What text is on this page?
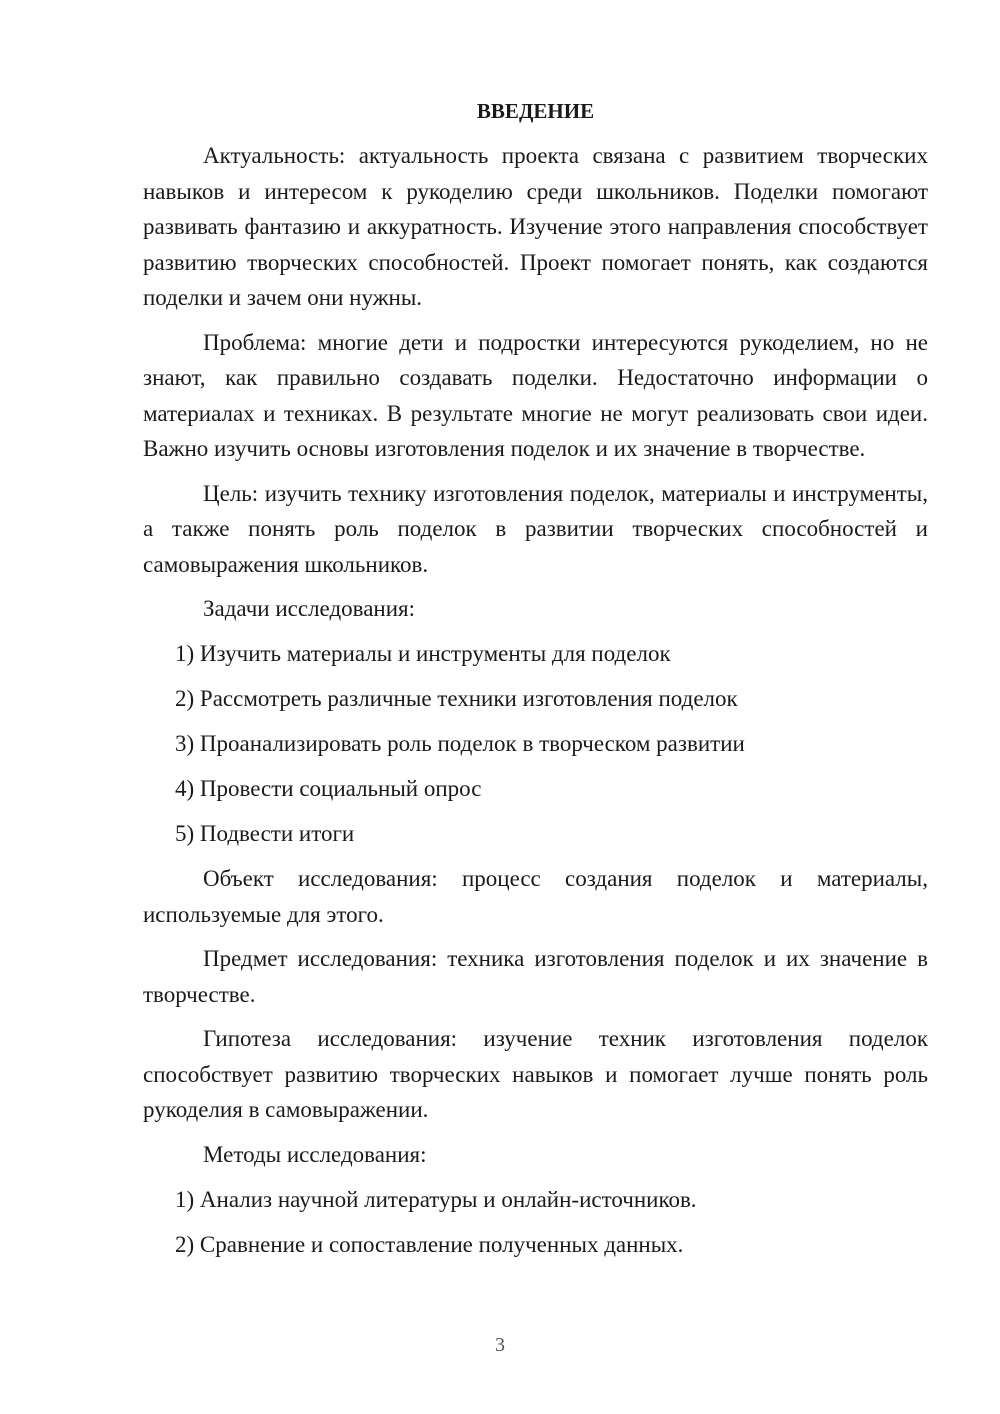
ВВЕДЕНИЕ

Актуальность: актуальность проекта связана с развитием творческих навыков и интересом к рукоделию среди школьников. Поделки помогают развивать фантазию и аккуратность. Изучение этого направления способствует развитию творческих способностей. Проект помогает понять, как создаются поделки и зачем они нужны.

Проблема: многие дети и подростки интересуются рукоделием, но не знают, как правильно создавать поделки. Недостаточно информации о материалах и техниках. В результате многие не могут реализовать свои идеи. Важно изучить основы изготовления поделок и их значение в творчестве.

Цель: изучить технику изготовления поделок, материалы и инструменты, а также понять роль поделок в развитии творческих способностей и самовыражения школьников.

Задачи исследования:

1) Изучить материалы и инструменты для поделок
2) Рассмотреть различные техники изготовления поделок
3) Проанализировать роль поделок в творческом развитии
4) Провести социальный опрос
5) Подвести итоги

Объект исследования: процесс создания поделок и материалы, используемые для этого.

Предмет исследования: техника изготовления поделок и их значение в творчестве.

Гипотеза исследования: изучение техник изготовления поделок способствует развитию творческих навыков и помогает лучше понять роль рукоделия в самовыражении.

Методы исследования:

1) Анализ научной литературы и онлайн-источников.
2) Сравнение и сопоставление полученных данных.
3
